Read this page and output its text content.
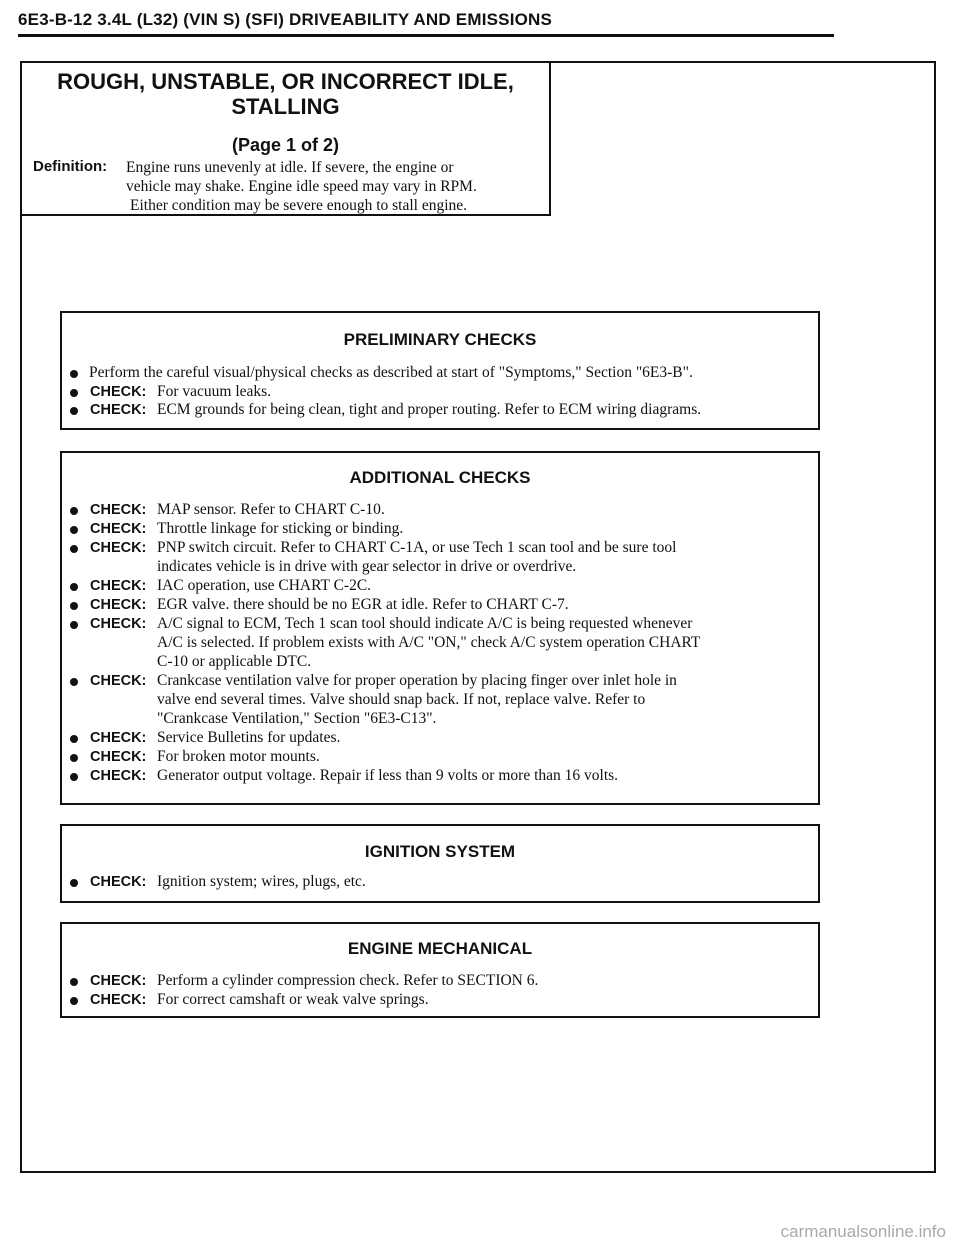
6E3-B-12 3.4L (L32) (VIN S) (SFI) DRIVEABILITY AND EMISSIONS
ROUGH, UNSTABLE, OR INCORRECT IDLE,
STALLING
(Page 1 of 2)
Definition: Engine runs unevenly at idle. If severe, the engine or
vehicle may shake. Engine idle speed may vary in RPM.
Either condition may be severe enough to stall engine.
PRELIMINARY CHECKS
Perform the careful visual/physical checks as described at start of "Symptoms," Section "6E3-B".
CHECK: For vacuum leaks.
CHECK: ECM grounds for being clean, tight and proper routing. Refer to ECM wiring diagrams.
ADDITIONAL CHECKS
CHECK: MAP sensor. Refer to CHART C-10.
CHECK: Throttle linkage for sticking or binding.
CHECK: PNP switch circuit. Refer to CHART C-1A, or use Tech 1 scan tool and be sure tool
indicates vehicle is in drive with gear selector in drive or overdrive.
CHECK: IAC operation, use CHART C-2C.
CHECK: EGR valve. there should be no EGR at idle. Refer to CHART C-7.
CHECK: A/C signal to ECM, Tech 1 scan tool should indicate A/C is being requested whenever
A/C is selected. If problem exists with A/C "ON," check A/C system operation CHART
C-10 or applicable DTC.
CHECK: Crankcase ventilation valve for proper operation by placing finger over inlet hole in
valve end several times. Valve should snap back. If not, replace valve. Refer to
"Crankcase Ventilation," Section "6E3-C13".
CHECK: Service Bulletins for updates.
CHECK: For broken motor mounts.
CHECK: Generator output voltage. Repair if less than 9 volts or more than 16 volts.
IGNITION SYSTEM
CHECK: Ignition system; wires, plugs, etc.
ENGINE MECHANICAL
CHECK: Perform a cylinder compression check. Refer to SECTION 6.
CHECK: For correct camshaft or weak valve springs.
carmanualsonline.info
